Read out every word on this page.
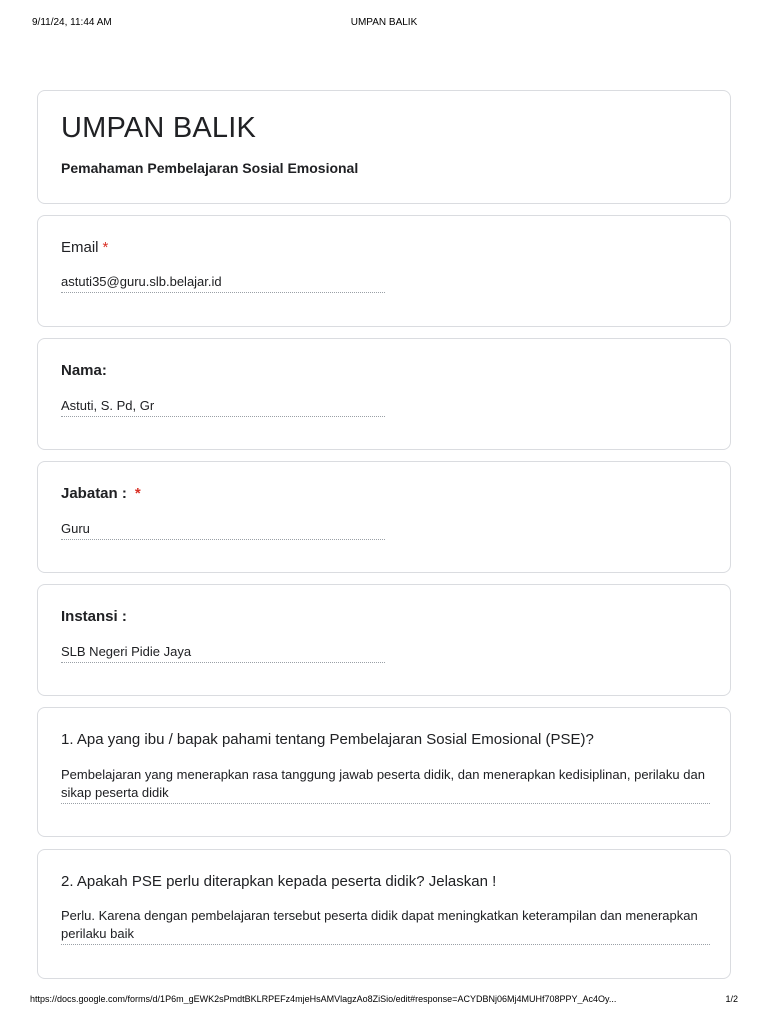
9/11/24, 11:44 AM	UMPAN BALIK
UMPAN BALIK
Pemahaman Pembelajaran Sosial Emosional
Email *
astuti35@guru.slb.belajar.id
Nama:
Astuti, S. Pd, Gr
Jabatan : *
Guru
Instansi :
SLB Negeri Pidie Jaya
1. Apa yang ibu / bapak pahami tentang Pembelajaran Sosial Emosional (PSE)?
Pembelajaran yang menerapkan rasa tanggung jawab peserta didik, dan menerapkan kedisiplinan, perilaku dan sikap peserta didik
2. Apakah PSE perlu diterapkan kepada peserta didik? Jelaskan !
Perlu. Karena dengan pembelajaran tersebut peserta didik dapat meningkatkan keterampilan dan menerapkan perilaku baik
https://docs.google.com/forms/d/1P6m_gEWK2sPmdtBKLRPEFz4mjeHsAMVlagzAo8ZiSio/edit#response=ACYDBNj06Mj4MUHf708PPY_Ac4Oy...	1/2
